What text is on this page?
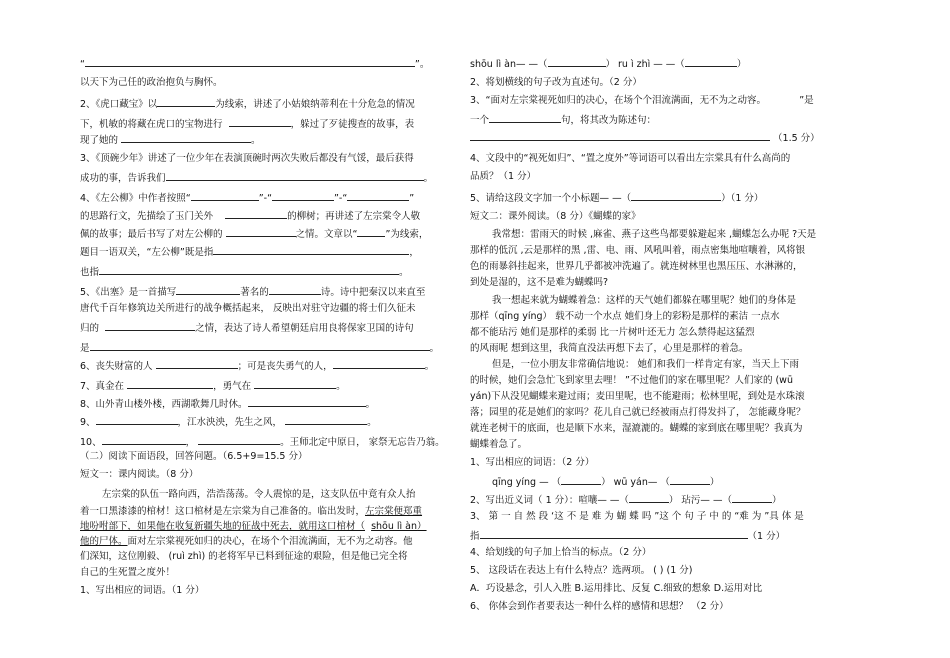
“	”。
以天下为己任的政治抱负与胸怀。
2、《虎口藏宝》以	为线索，讲述了小姑娘纳蒂利在十分危急的情况
下，机敏的将藏在虎口的宝物进行	，躲过了歹徒搜查的故事，表
现了她的	。
3、《顶碗少年》讲述了一位少年在表演顶碗时两次失败后都没有气馁，最后获得
成功的事，告诉我们	。
4、《左公柳》中作者按照“	”-“	”-“	”
的思路行文，先描绘了玉门关外	的柳树；再讲述了左宗棠令人敬
佩的故事；最后书写了对左公柳的	之情。文章以“	”为线索，
题目一语双关，“左公柳”既是指	，
也指	。
5、《出塞》是一首描写	著名的	诗。诗中把秦汉以来直至
唐代千百年修筑边关所进行的战争概括起来， 反映出对驻守边疆的将士们久征未
归的	之情，表达了诗人希望朝廷启用良将保家卫国的诗句
是	。
6、丧失财富的人	；可是丧失勇气的人，	。
7、真金在	，勇气在	。
8、山外青山楼外楼，西湖歌舞几时休。	。
9、	，江水泱泱，先生之风，	。
10、	，	。王师北定中原日， 家祭无忘告乃翁。
（二）阅读下面语段，回答问题。（6.5+9=15.5 分）
短文一：课内阅读。（8 分）
左宗棠的队伍一路向西，浩浩荡荡。令人震惊的是，这支队伍中竟有众人抬
着一口黑漆漆的棺材！这口棺材是左宗棠为自己准备的。临出发时，左宗棠便郑重
地吩咐部下，如果他在收复新疆失地的征战中死去，就用这口棺材（ shōu lì àn）
他的尸体。面对左宗棠视死如归的决心，在场个个泪流满面，无不为之动容。他
们深知，这位刚毅、 (ruì zhì) 的老将军早已料到征途的艰险，但是他已完全将
自己的生死置之度外！
1、写出相应的词语。（1 分）
shōu lì àn— —（	） ru ì zhì — —（	）
2、将划横线的句子改为直述句。（2 分）
3、“面对左宗棠视死如归的决心，在场个个泪流满面，无不为之动容。	”是
一个	句，将其改为陈述句：
（1.5 分）
4、文段中的“视死如归”、“置之度外”等词语可以看出左宗棠具有什么高尚的
品质？（1 分）
5、请给这段文字加一个小标题— —（	）（1 分）
短文二：课外阅读。（8 分）《蝴蝶的家》
我常想：雷雨天的时候 ,麻雀、燕子这些鸟都要躲避起来 ,蝴蝶怎么办呢 ?天是
那样的低沉 ,云是那样的黑 ,雷、电、雨、风吼叫着，雨点密集地喧嚷着，风将银
色的雨暴斜挂起来，世界几乎都被冲洗遍了。就连树林里也黑压压、水淋淋的，
到处是湿的，这不是难为蝴蝶吗?
我一想起来就为蝴蝶着急：这样的天气她们都躲在哪里呢？她们的身体是
那样（qīng yíng） 载不动一个水点 她们身上的彩粉是那样的素洁 一点水
都不能玷污 她们是那样的柔弱 比一片树叶还无力 怎么禁得起这猛烈
的风雨呢 想到这里，我简直没法再想下去了，心里是那样的着急。
但是，一位小朋友非常确信地说： 她们和我们一样肯定有家，当天上下雨
的时候，她们会急忙飞到家里去哩！ ”不过他们的家在哪里呢？人们家的 (wū
yán)下从没见蝴蝶来避过雨；麦田里呢，也不能避雨；松林里呢，到处是水珠滚
落；园里的花是她们的家吗？花儿自己就已经被雨点打得发抖了， 怎能藏身呢？
就连老树干的底面，也是顺下水来，湿漉漉的。蝴蝶的家到底在哪里呢？我真为
蝴蝶着急了。
1、写出相应的词语：（2 分）
qīng yíng — （	） wū yán— （	）
2、写出近义词（ 1 分）：喧嚷— —（	） 玷污— —（	）
3、 第 一 自 然 段 ‘这 不 是 难 为 蝴 蝶 吗 ”这 个 句 子 中 的 “难 为 ”具 体 是
指	（1 分）
4、给划线的句子加上恰当的标点。（2 分）
5、 这段话在表达上有什么特点？选两项。 ( ) (1 分)
A．巧设悬念，引人入胜 B.运用排比、反复 C.细致的想象 D.运用对比
6、 你体会到作者要表达一种什么样的感情和思想？ （2 分）
